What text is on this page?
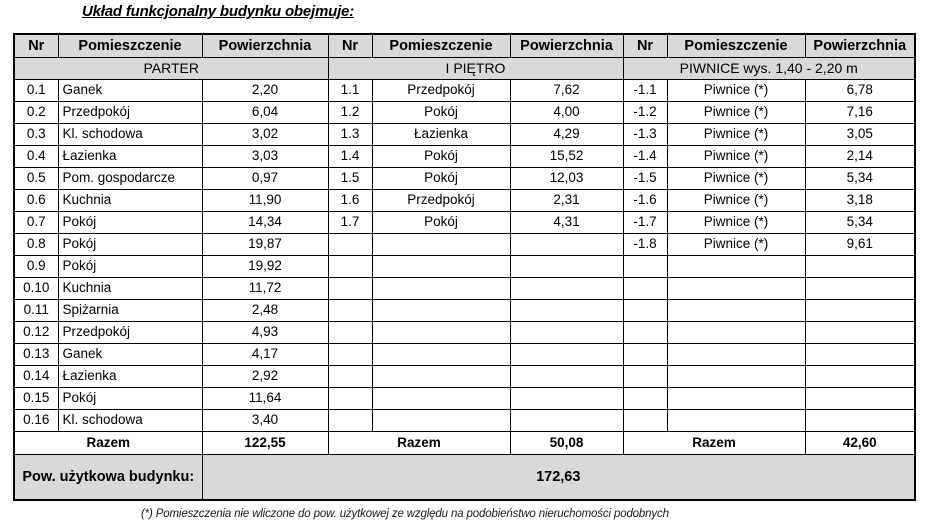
Układ funkcjonalny budynku obejmuje:
Nr	Pomieszczenie	Powierzchnia	Nr	Pomieszczenie	Powierzchnia	Nr	Pomieszczenie	Powierzchnia
PARTER			I PIĘTRO			PIWNICE wys. 1,40 - 2,20 m		
0.1	Ganek	2,20	1.1	Przedpokój	7,62	-1.1	Piwnice (*)	6,78
0.2	Przedpokój	6,04	1.2	Pokój	4,00	-1.2	Piwnice (*)	7,16
0.3	Kl. schodowa	3,02	1.3	Łazienka	4,29	-1.3	Piwnice (*)	3,05
0.4	Łazienka	3,03	1.4	Pokój	15,52	-1.4	Piwnice (*)	2,14
0.5	Pom. gospodarcze	0,97	1.5	Pokój	12,03	-1.5	Piwnice (*)	5,34
0.6	Kuchnia	11,90	1.6	Przedpokój	2,31	-1.6	Piwnice (*)	3,18
0.7	Pokój	14,34	1.7	Pokój	4,31	-1.7	Piwnice (*)	5,34
0.8	Pokój	19,87				-1.8	Piwnice (*)	9,61
0.9	Pokój	19,92						
0.10	Kuchnia	11,72						
0.11	Spiżarnia	2,48						
0.12	Przedpokój	4,93						
0.13	Ganek	4,17						
0.14	Łazienka	2,92						
0.15	Pokój	11,64						
0.16	Kl. schodowa	3,40						
Razem		122,55	Razem		50,08	Razem		42,60
Pow. użytkowa budynku:		172,63						
(*) Pomieszczenia nie wliczone do pow. użytkowej ze względu na podobieństwo nieruchomości podobnych
